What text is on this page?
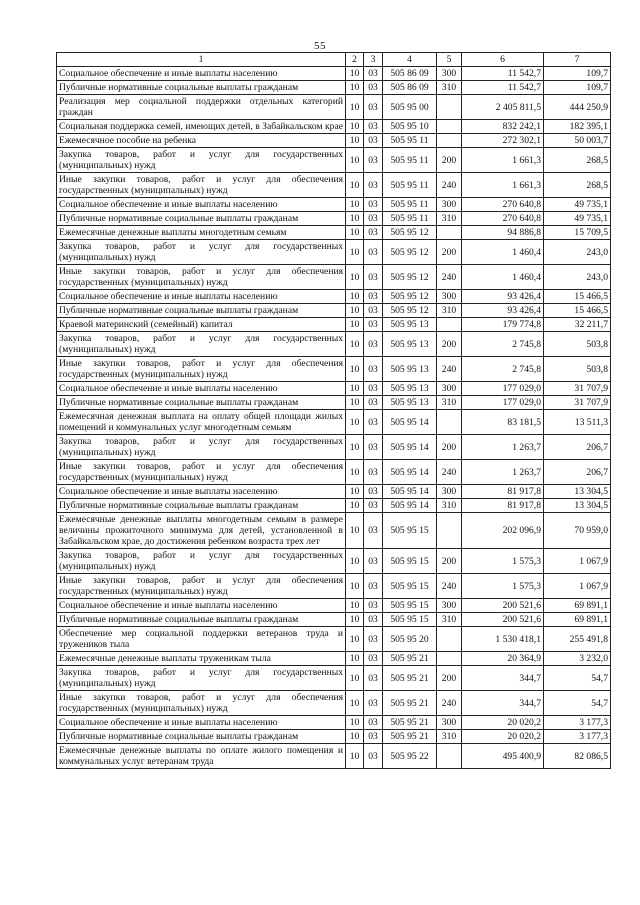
55
1	2	3	4	5	6	7
Социальное обеспечение и иные выплаты населению	10	03	505 86 09	300	11 542,7	109,7
Публичные нормативные социальные выплаты гражданам	10	03	505 86 09	310	11 542,7	109,7
Реализация мер социальной поддержки отдельных категорий граждан	10	03	505 95 00		2 405 811,5	444 250,9
Социальная поддержка семей, имеющих детей, в Забайкальском крае	10	03	505 95 10		832 242,1	182 395,1
Ежемесячное пособие на ребенка	10	03	505 95 11		272 302,1	50 003,7
Закупка товаров, работ и услуг для государственных (муниципальных) нужд	10	03	505 95 11	200	1 661,3	268,5
Иные закупки товаров, работ и услуг для обеспечения государственных (муниципальных) нужд	10	03	505 95 11	240	1 661,3	268,5
Социальное обеспечение и иные выплаты населению	10	03	505 95 11	300	270 640,8	49 735,1
Публичные нормативные социальные выплаты гражданам	10	03	505 95 11	310	270 640,8	49 735,1
Ежемесячные денежные выплаты многодетным семьям	10	03	505 95 12		94 886,8	15 709,5
Закупка товаров, работ и услуг для государственных (муниципальных) нужд	10	03	505 95 12	200	1 460,4	243,0
Иные закупки товаров, работ и услуг для обеспечения государственных (муниципальных) нужд	10	03	505 95 12	240	1 460,4	243,0
Социальное обеспечение и иные выплаты населению	10	03	505 95 12	300	93 426,4	15 466,5
Публичные нормативные социальные выплаты гражданам	10	03	505 95 12	310	93 426,4	15 466,5
Краевой материнский (семейный) капитал	10	03	505 95 13		179 774,8	32 211,7
Закупка товаров, работ и услуг для государственных (муниципальных) нужд	10	03	505 95 13	200	2 745,8	503,8
Иные закупки товаров, работ и услуг для обеспечения государственных (муниципальных) нужд	10	03	505 95 13	240	2 745,8	503,8
Социальное обеспечение и иные выплаты населению	10	03	505 95 13	300	177 029,0	31 707,9
Публичные нормативные социальные выплаты гражданам	10	03	505 95 13	310	177 029,0	31 707,9
Ежемесячная денежная выплата на оплату общей площади жилых помещений и коммунальных услуг многодетным семьям	10	03	505 95 14		83 181,5	13 511,3
Закупка товаров, работ и услуг для государственных (муниципальных) нужд	10	03	505 95 14	200	1 263,7	206,7
Иные закупки товаров, работ и услуг для обеспечения государственных (муниципальных) нужд	10	03	505 95 14	240	1 263,7	206,7
Социальное обеспечение и иные выплаты населению	10	03	505 95 14	300	81 917,8	13 304,5
Публичные нормативные социальные выплаты гражданам	10	03	505 95 14	310	81 917,8	13 304,5
Ежемесячные денежные выплаты многодетным семьям в размере величины прожиточного минимума для детей, установленной в Забайкальском крае, до достижения ребенком возраста трех лет	10	03	505 95 15		202 096,9	70 959,0
Закупка товаров, работ и услуг для государственных (муниципальных) нужд	10	03	505 95 15	200	1 575,3	1 067,9
Иные закупки товаров, работ и услуг для обеспечения государственных (муниципальных) нужд	10	03	505 95 15	240	1 575,3	1 067,9
Социальное обеспечение и иные выплаты населению	10	03	505 95 15	300	200 521,6	69 891,1
Публичные нормативные социальные выплаты гражданам	10	03	505 95 15	310	200 521,6	69 891,1
Обеспечение мер социальной поддержки ветеранов труда и тружеников тыла	10	03	505 95 20		1 530 418,1	255 491,8
Ежемесячные денежные выплаты труженикам тыла	10	03	505 95 21		20 364,9	3 232,0
Закупка товаров, работ и услуг для государственных (муниципальных) нужд	10	03	505 95 21	200	344,7	54,7
Иные закупки товаров, работ и услуг для обеспечения государственных (муниципальных) нужд	10	03	505 95 21	240	344,7	54,7
Социальное обеспечение и иные выплаты населению	10	03	505 95 21	300	20 020,2	3 177,3
Публичные нормативные социальные выплаты гражданам	10	03	505 95 21	310	20 020,2	3 177,3
Ежемесячные денежные выплаты по оплате жилого помещения и коммунальных услуг ветеранам труда	10	03	505 95 22		495 400,9	82 086,5
